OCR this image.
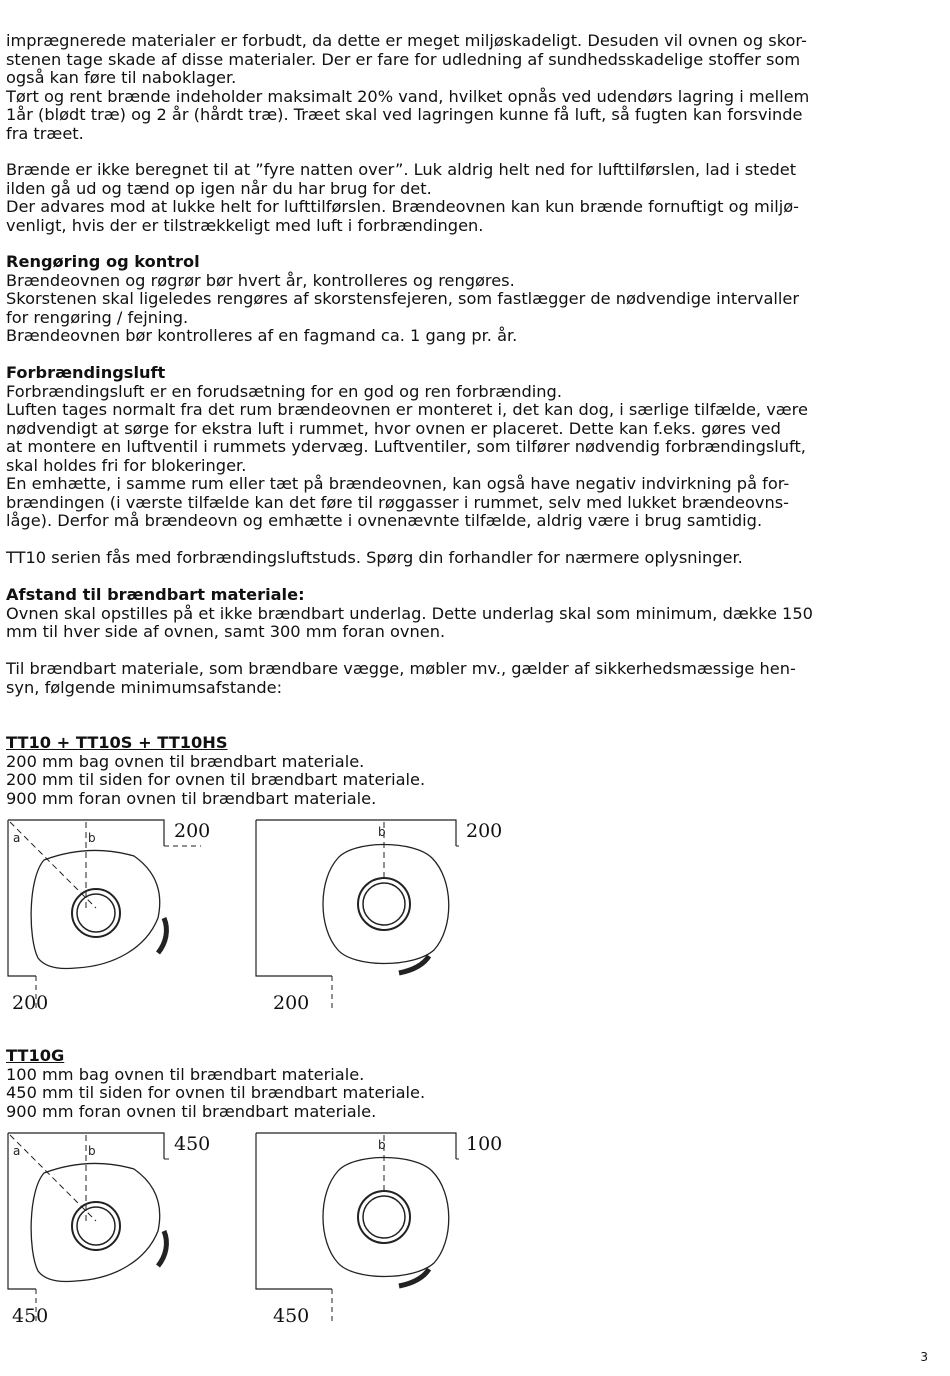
imprægnerede materialer er forbudt, da dette er meget miljøskadeligt. Desuden vil ovnen og skor-

stenen tage skade af disse materialer. Der er fare for udledning af sundhedsskadelige stoffer som

også kan føre til naboklager.

Tørt og rent brænde indeholder maksimalt 20% vand, hvilket opnås ved udendørs lagring i mellem

1år (blødt træ) og 2 år (hårdt træ). Træet skal ved lagringen kunne få luft, så fugten kan forsvinde

fra træet.

Brænde er ikke beregnet til at ”fyre natten over”. Luk aldrig helt ned for lufttilførslen, lad i stedet

ilden gå ud og tænd op igen når du har brug for det.

Der advares mod at lukke helt for lufttilførslen. Brændeovnen kan kun brænde fornuftigt og miljø-

venligt, hvis der er tilstrækkeligt med luft i forbrændingen.

Rengøring og kontrol

Brændeovnen og røgrør bør hvert år, kontrolleres og rengøres.

Skorstenen skal ligeledes rengøres af skorstensfejeren, som fastlægger de nødvendige intervaller

for rengøring / fejning.

Brændeovnen bør kontrolleres af en fagmand ca. 1 gang pr. år.

Forbrændingsluft

Forbrændingsluft er en forudsætning for en god og ren forbrænding.

Luften tages normalt fra det rum brændeovnen er monteret i, det kan dog, i særlige tilfælde, være

nødvendigt at sørge for ekstra luft i rummet, hvor ovnen er placeret. Dette kan f.eks. gøres ved

at montere en luftventil i rummets ydervæg. Luftventiler, som tilfører nødvendig forbrændingsluft,

skal holdes fri for blokeringer.

En emhætte, i samme rum eller tæt på brændeovnen, kan også have negativ indvirkning på for-

brændingen (i værste tilfælde kan det føre til røggasser i rummet, selv med lukket brændeovns-

låge). Derfor må brændeovn og emhætte i ovnenævnte tilfælde, aldrig være i brug samtidig.

TT10 serien fås med forbrændingsluftstuds. Spørg din forhandler for nærmere oplysninger.

Afstand til brændbart materiale:

Ovnen skal opstilles på et ikke brændbart underlag. Dette underlag skal som minimum, dække 150

mm til hver side af ovnen, samt 300 mm foran ovnen.

Til brændbart materiale, som brændbare vægge, møbler mv., gælder af sikkerhedsmæssige hen-

syn, følgende minimumsafstande:

TT10 + TT10S + TT10HS

200 mm bag ovnen til brændbart materiale.

200 mm til siden for ovnen til brændbart materiale.

900 mm foran ovnen til brændbart materiale.

a	b	200
200
b	200
200

TT10G

100 mm bag ovnen til brændbart materiale.

450 mm til siden for ovnen til brændbart materiale.

900 mm foran ovnen til brændbart materiale.

a	b	450
450
b	100
450
3
